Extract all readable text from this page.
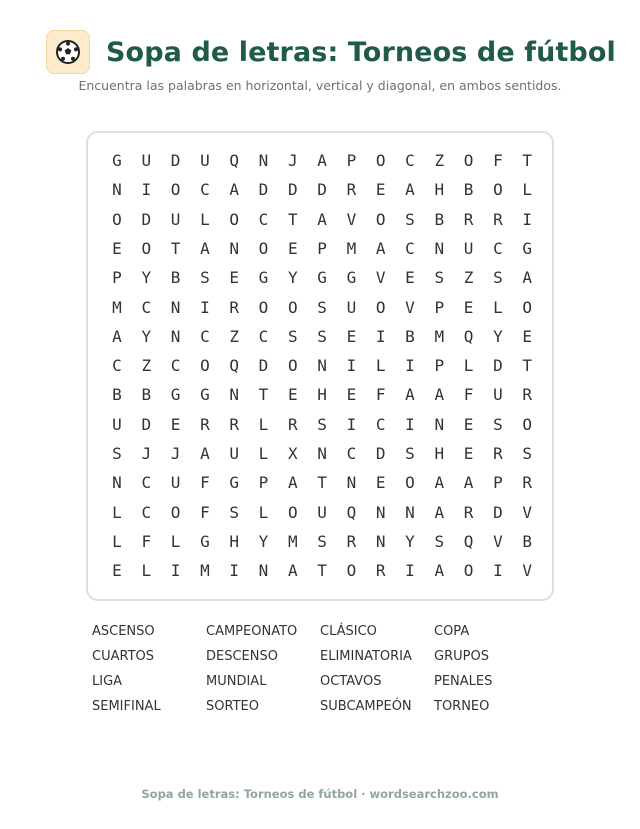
Sopa de letras: Torneos de fútbol
Encuentra las palabras en horizontal, vertical y diagonal, en ambos sentidos.
G	U	D	U	Q	N	J	A	P	O	C	Z	O	F	T
N	I	O	C	A	D	D	D	R	E	A	H	B	O	L
O	D	U	L	O	C	T	A	V	O	S	B	R	R	I
E	O	T	A	N	O	E	P	M	A	C	N	U	C	G
P	Y	B	S	E	G	Y	G	G	V	E	S	Z	S	A
M	C	N	I	R	O	O	S	U	O	V	P	E	L	O
A	Y	N	C	Z	C	S	S	E	I	B	M	Q	Y	E
C	Z	C	O	Q	D	O	N	I	L	I	P	L	D	T
B	B	G	G	N	T	E	H	E	F	A	A	F	U	R
U	D	E	R	R	L	R	S	I	C	I	N	E	S	O
S	J	J	A	U	L	X	N	C	D	S	H	E	R	S
N	C	U	F	G	P	A	T	N	E	O	A	A	P	R
L	C	O	F	S	L	O	U	Q	N	N	A	R	D	V
L	F	L	G	H	Y	M	S	R	N	Y	S	Q	V	B
E	L	I	M	I	N	A	T	O	R	I	A	O	I	V
ASCENSO	CAMPEONATO	CLÁSICO	COPA
CUARTOS	DESCENSO	ELIMINATORIA	GRUPOS
LIGA	MUNDIAL	OCTAVOS	PENALES
SEMIFINAL	SORTEO	SUBCAMPEÓN	TORNEO
Sopa de letras: Torneos de fútbol · wordsearchzoo.com
